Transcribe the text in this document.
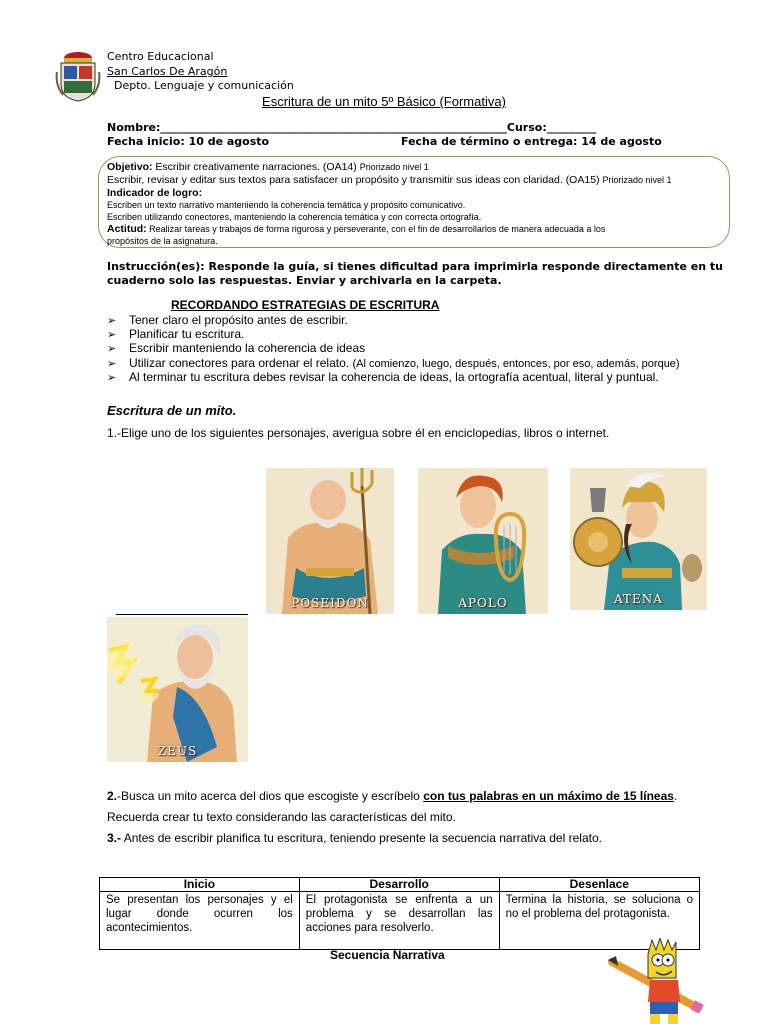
Centro Educacional
San Carlos De Aragón
Depto. Lenguaje y comunicación
Escritura de un mito 5º Básico (Formativa)
Nombre:_______________________________________________________________Curso:_________
Fecha inicio: 10 de agosto	Fecha de término o entrega: 14 de agosto
Objetivo: Escribir creativamente narraciones. (OA14) Priorizado nivel 1
Escribir, revisar y editar sus textos para satisfacer un propósito y transmitir sus ideas con claridad. (OA15) Priorizado nivel 1
Indicador de logro:
Escriben un texto narrativo manteniendo la coherencia temática y propósito comunicativo.
Escriben utilizando conectores, manteniendo la coherencia temática y con correcta ortografía.
Actitud: Realizar tareas y trabajos de forma rigurosa y perseverante, con el fin de desarrollarlos de manera adecuada a los
propósitos de la asignatura.
Instrucción(es): Responde la guía, si tienes dificultad para imprimirla responde directamente en tu cuaderno solo las respuestas. Enviar y archivarla en la carpeta.
RECORDANDO ESTRATEGIAS DE ESCRITURA
➢ Tener claro el propósito antes de escribir.
➢ Planificar tu escritura.
➢ Escribir manteniendo la coherencia de ideas
➢ Utilizar conectores para ordenar el relato. (Al comienzo, luego, después, entonces, por eso, además, porque)
➢ Al terminar tu escritura debes revisar la coherencia de ideas, la ortografía acentual, literal y puntual.
Escritura de un mito.
1.-Elige uno de los siguientes personajes, averigua sobre él en enciclopedias, libros o internet.
POSEIDON	APOLO	ATENA
ZEUS
2.-Busca un mito acerca del dios que escogiste y escríbelo con tus palabras en un máximo de 15 líneas.
Recuerda crear tu texto considerando las características del mito.
3.- Antes de escribir planifica tu escritura, teniendo presente la secuencia narrativa del relato.
Inicio	Desarrollo	Desenlace
Se presentan los personajes y el lugar donde ocurren los acontecimientos.	El protagonista se enfrenta a un problema y se desarrollan las acciones para resolverlo.	Termina la historia, se soluciona o no el problema del protagonista.
Secuencia Narrativa
